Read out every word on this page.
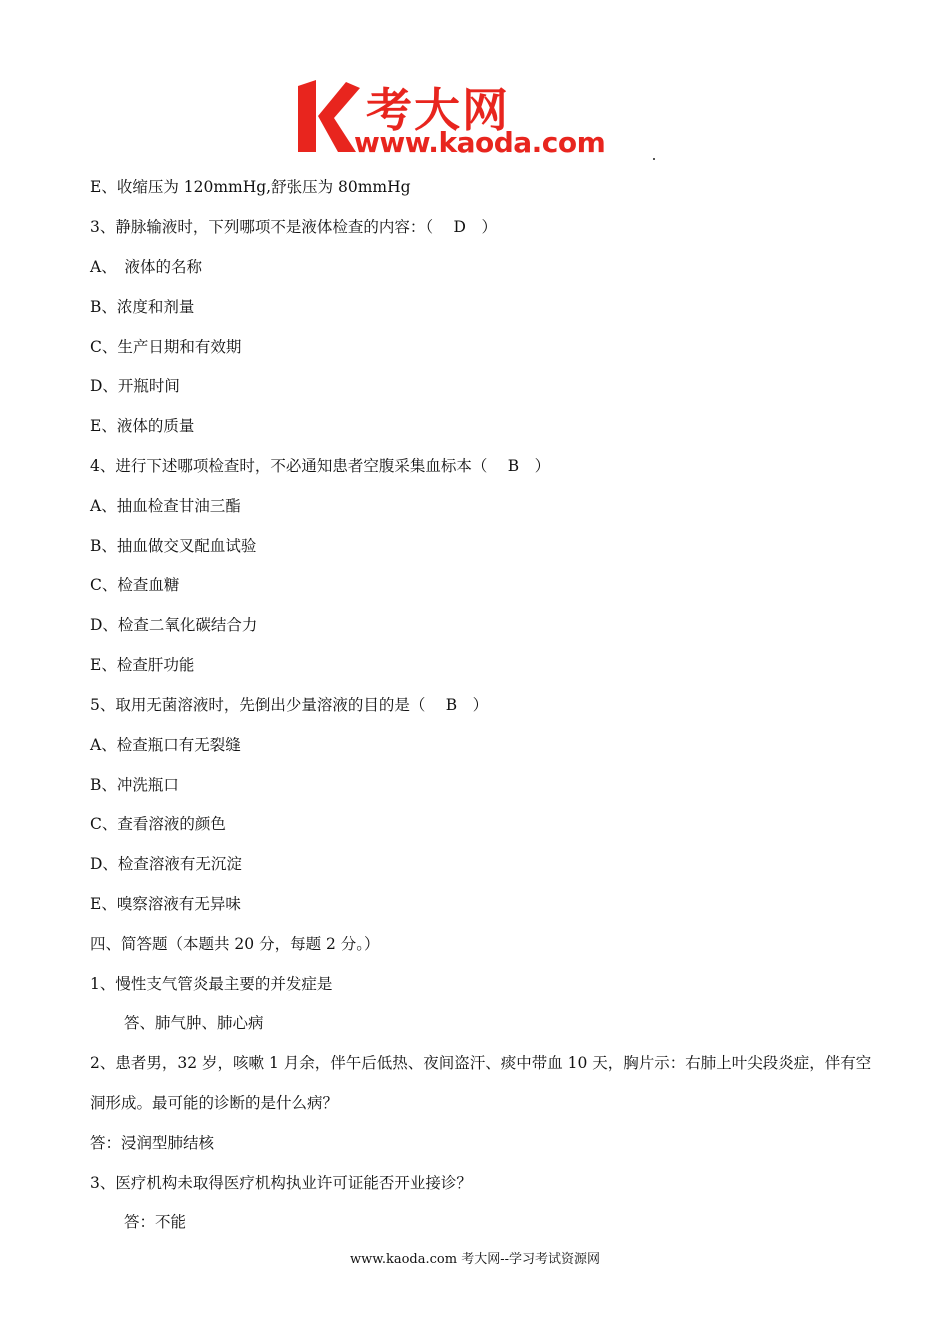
考大网
www.kaoda.com
E、收缩压为 120mmHg,舒张压为 80mmHg
3、静脉输液时，下列哪项不是液体检查的内容：（　 D　）
A、　液体的名称
B、浓度和剂量
C、生产日期和有效期
D、开瓶时间
E、液体的质量
4、进行下述哪项检查时，不必通知患者空腹采集血标本（　 B　）
A、抽血检查甘油三酯
B、抽血做交叉配血试验
C、检查血糖
D、检查二氧化碳结合力
E、检查肝功能
5、取用无菌溶液时，先倒出少量溶液的目的是（　 B　）
A、检查瓶口有无裂缝
B、冲洗瓶口
C、查看溶液的颜色
D、检查溶液有无沉淀
E、嗅察溶液有无异味
四、简答题（本题共 20 分，每题 2 分。）
1、慢性支气管炎最主要的并发症是
答、肺气肿、肺心病
2、患者男，32 岁，咳嗽 1 月余，伴午后低热、夜间盗汗、痰中带血 10 天，胸片示：右肺上叶尖段炎症，伴有空
洞形成。最可能的诊断的是什么病？
答：浸润型肺结核
3、医疗机构未取得医疗机构执业许可证能否开业接诊？
答：不能
www.kaoda.com 考大网--学习考试资源网
